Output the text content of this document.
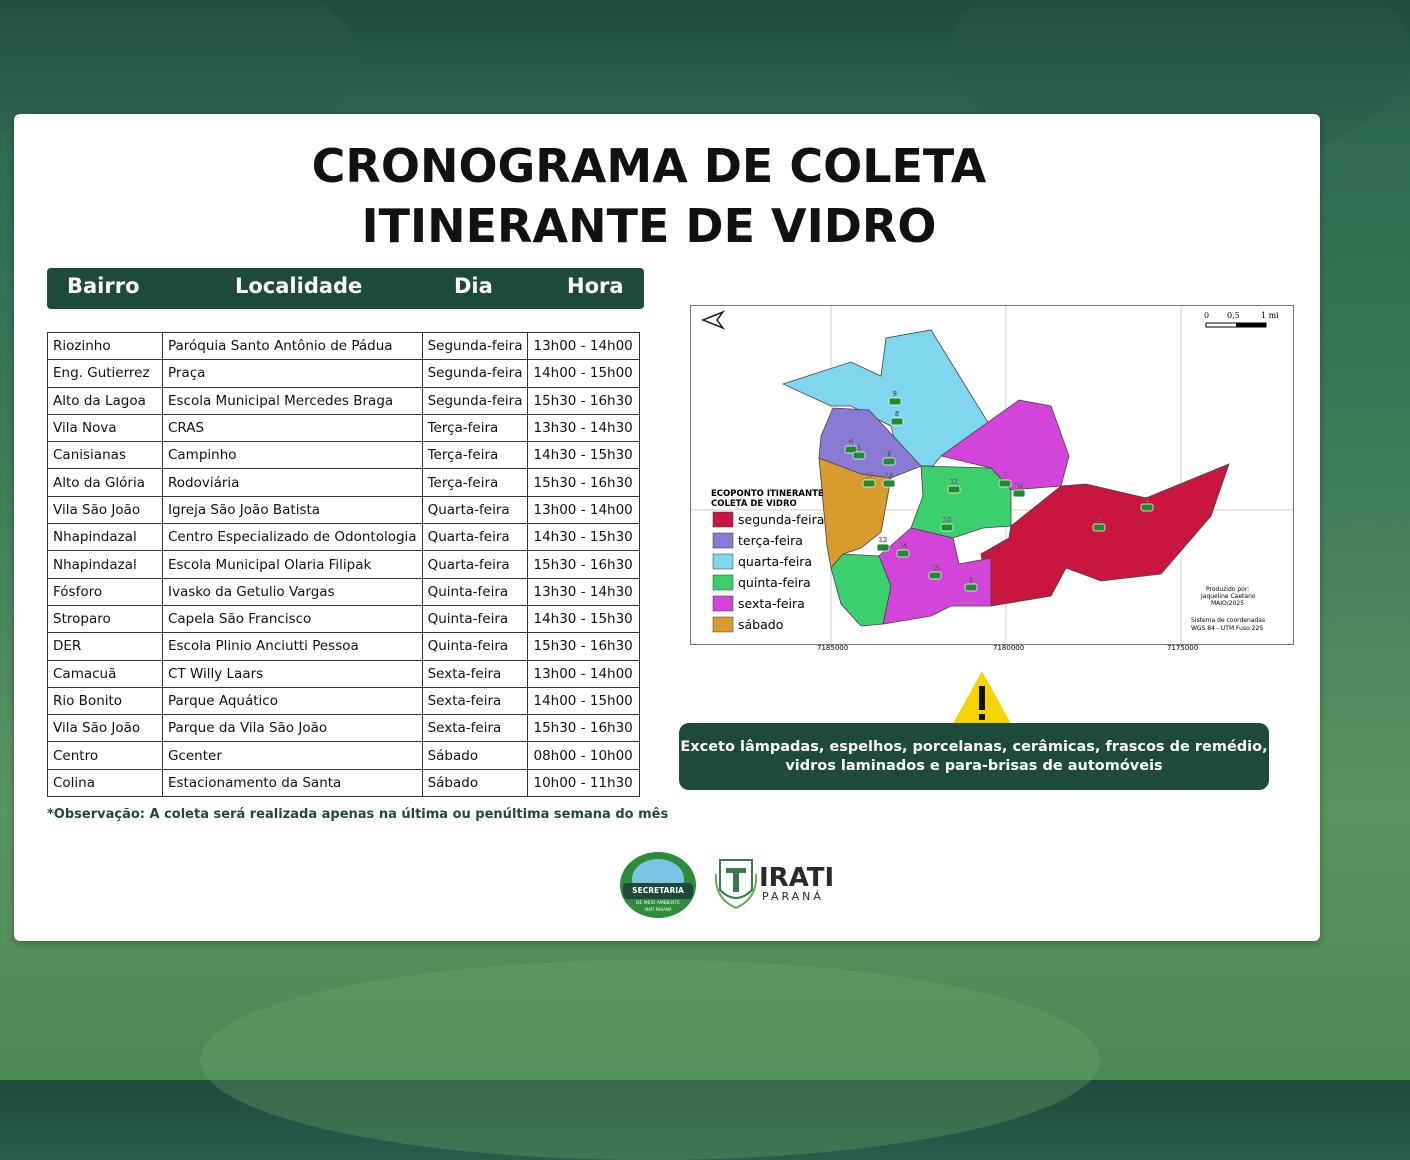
CRONOGRAMA DE COLETA
ITINERANTE DE VIDRO
Bairro	Localidade	Dia	Hora
Riozinho	Paróquia Santo Antônio de Pádua	Segunda-feira	13h00 - 14h00
Eng. Gutierrez	Praça	Segunda-feira	14h00 - 15h00
Alto da Lagoa	Escola Municipal Mercedes Braga	Segunda-feira	15h30 - 16h30
Vila Nova	CRAS	Terça-feira	13h30 - 14h30
Canisianas	Campinho	Terça-feira	14h30 - 15h30
Alto da Glória	Rodoviária	Terça-feira	15h30 - 16h30
Vila São João	Igreja São João Batista	Quarta-feira	13h00 - 14h00
Nhapindazal	Centro Especializado de Odontologia	Quarta-feira	14h30 - 15h30
Nhapindazal	Escola Municipal Olaria Filipak	Quarta-feira	15h30 - 16h30
Fósforo	Ivasko da Getulio Vargas	Quinta-feira	13h30 - 14h30
Stroparo	Capela São Francisco	Quinta-feira	14h30 - 15h30
DER	Escola Plinio Anciutti Pessoa	Quinta-feira	15h30 - 16h30
Camacuã	CT Willy Laars	Sexta-feira	13h00 - 14h00
Rio Bonito	Parque Aquático	Sexta-feira	14h00 - 15h00
Vila São João	Parque da Vila São João	Sexta-feira	15h30 - 16h30
Centro	Gcenter	Sábado	08h00 - 10h00
Colina	Estacionamento da Santa	Sábado	10h00 - 11h30
*Observação: A coleta será realizada apenas na última ou penúltima semana do mês
ECOPONTO ITINERANTE
COLETA DE VIDRO
segunda-feira
terça-feira
quarta-feira
quinta-feira
sexta-feira
sábado
0 0,5	1 mi
7185000	7180000	7175000
Produzido por:
Jaqueline Caetano
MAIO/2025
Sistema de coordenadas
WGS 84 - UTM Fuso 22S
1
2
3
4
5
6
7
8
9
10
11
12
13
14
15
16
17
Exceto lâmpadas, espelhos, porcelanas, cerâmicas, frascos de remédio,
vidros laminados e para-brisas de automóveis
SECRETARIA
DE MEIO AMBIENTE
IRATI PARANÁ
IRATI
PARANÁ
